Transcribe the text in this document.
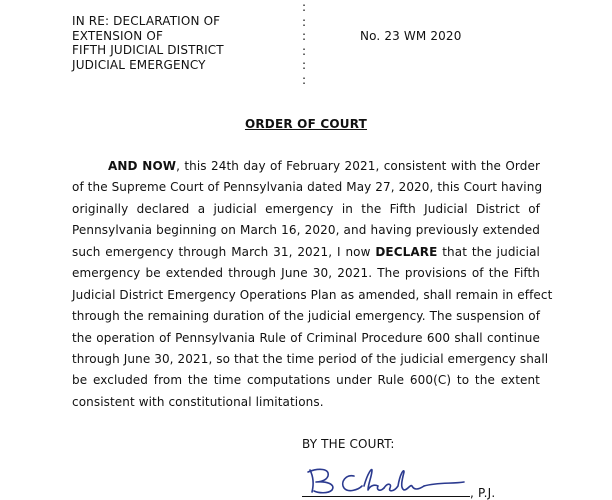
IN RE: DECLARATION OF
EXTENSION OF
FIFTH JUDICIAL DISTRICT
JUDICIAL EMERGENCY
:
:
:
:
:
:
No. 23 WM 2020
ORDER OF COURT
AND NOW, this 24th day of February 2021, consistent with the Order
of the Supreme Court of Pennsylvania dated May 27, 2020, this Court having
originally declared a judicial emergency in the Fifth Judicial District of
Pennsylvania beginning on March 16, 2020, and having previously extended
such emergency through March 31, 2021, I now DECLARE that the judicial
emergency be extended through June 30, 2021. The provisions of the Fifth
Judicial District Emergency Operations Plan as amended, shall remain in effect
through the remaining duration of the judicial emergency. The suspension of
the operation of Pennsylvania Rule of Criminal Procedure 600 shall continue
through June 30, 2021, so that the time period of the judicial emergency shall
be excluded from the time computations under Rule 600(C) to the extent
consistent with constitutional limitations.
BY THE COURT:
, P.J.
